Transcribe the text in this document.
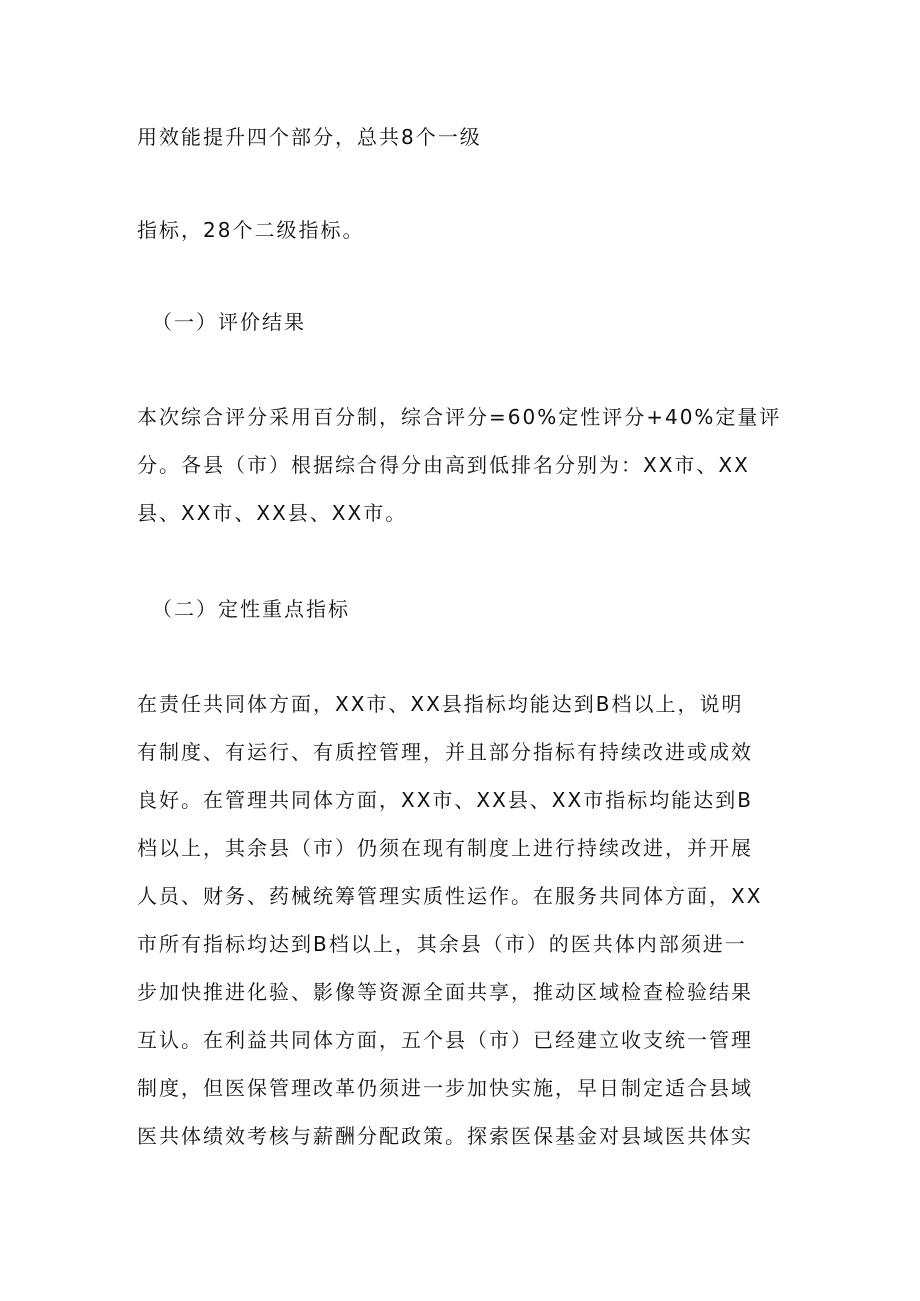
用效能提升四个部分，总共8个一级

指标，28个二级指标。

（一）评价结果

本次综合评分采用百分制，综合评分=60%定性评分+40%定量评
分。各县（市）根据综合得分由高到低排名分别为：XX市、XX
县、XX市、XX县、XX市。

（二）定性重点指标

在责任共同体方面，XX市、XX县指标均能达到B档以上，说明
有制度、有运行、有质控管理，并且部分指标有持续改进或成效
良好。在管理共同体方面，XX市、XX县、XX市指标均能达到B
档以上，其余县（市）仍须在现有制度上进行持续改进，并开展
人员、财务、药械统筹管理实质性运作。在服务共同体方面，XX
市所有指标均达到B档以上，其余县（市）的医共体内部须进一
步加快推进化验、影像等资源全面共享，推动区域检查检验结果
互认。在利益共同体方面，五个县（市）已经建立收支统一管理
制度，但医保管理改革仍须进一步加快实施，早日制定适合县域
医共体绩效考核与薪酬分配政策。探索医保基金对县域医共体实
